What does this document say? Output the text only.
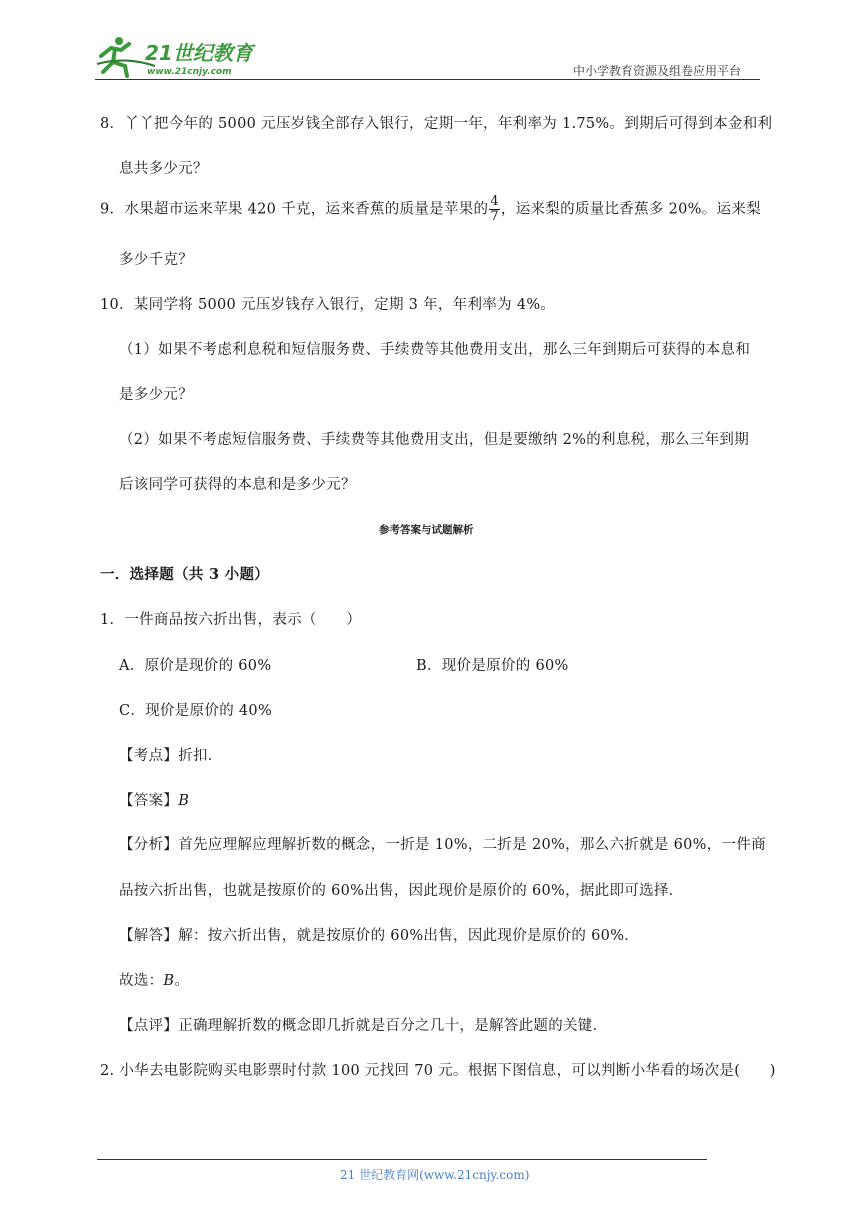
21世纪教育
www.21cnjy.com	中小学教育资源及组卷应用平台
8．丫丫把今年的 5000 元压岁钱全部存入银行，定期一年，年利率为 1.75%。到期后可得到本金和利
息共多少元？
9．水果超市运来苹果 420 千克，运来香蕉的质量是苹果的 $\frac{4}{7}$ ，运来梨的质量比香蕉多 20%。运来梨
多少千克？
10．某同学将 5000 元压岁钱存入银行，定期 3 年，年利率为 4%。
（1）如果不考虑利息税和短信服务费、手续费等其他费用支出，那么三年到期后可获得的本息和
是多少元？
（2）如果不考虑短信服务费、手续费等其他费用支出，但是要缴纳 2%的利息税，那么三年到期
后该同学可获得的本息和是多少元？
参考答案与试题解析
一．选择题（共 3 小题）
1．一件商品按六折出售，表示（　　）
A．原价是现价的 60%	B．现价是原价的 60%
C．现价是原价的 40%
【考点】折扣．
【答案】B
【分析】首先应理解应理解折数的概念，一折是 10%，二折是 20%，那么六折就是 60%，一件商
品按六折出售，也就是按原价的 60%出售，因此现价是原价的 60%，据此即可选择．
【解答】解：按六折出售，就是按原价的 60%出售，因此现价是原价的 60%．
故选：B。
【点评】正确理解折数的概念即几折就是百分之几十，是解答此题的关键．
2. 小华去电影院购买电影票时付款 100 元找回 70 元。根据下图信息，可以判断小华看的场次是(　　)
21 世纪教育网(www.21cnjy.com)
